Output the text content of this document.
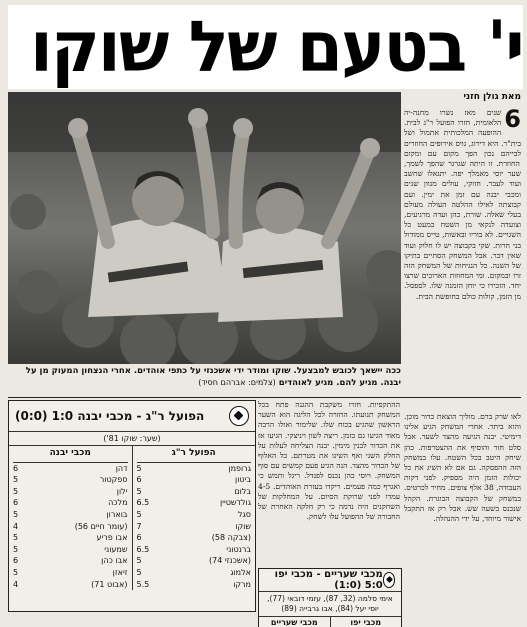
י' בטעם של שוקו
מאת גולן חזני
6
שנים מאז נשרו מחנה-יה הלאומית, חזרו הפועל ר"ג לבית. ההופעה המלכותית אתמול ושל בית"ר. היא דירוג, גויס אירופים החוזרים לבייהם נכון הפך מקום עם ומקום החוזרת. זו היתה שגרגר שהפך לשמך, שער יוסי מאמלך יפה. יתגאלו שחשב ועוד לעבר. חזוקי, עולים מגוון שנים ומכבי יבנה עם זמן את ימין. ועם קבוצתה לאילו ההלטה העולה מעולם בעלי שאלה. שורת, כהן ועדה מרגיעים, וצועדה לנקאי מן השטח כמעט כל השגויים. לא בוריו ובאשות, טייס ממודול בני חרות. שקי בקבוצה יש לו חלוק ועוד שאין דבר. אבל המשחק הסתיים בתיקו של השנה. כל הנגיחות של המשחק הזה זרו ובמקום. ומי המחוזות הארוכים שרצו יחד. הזכירו כי יוחן הזמנה שלו. לספסל. מן הזמן, קולות כולם בחופשת הבית.
ככה יישאך לכובש למבצעל. שוקו ומודר ידי אשכנזי על כתפי אוהדים. אחרי הנצחון המעוק מן על יבנה. מגיע להם. מגיע לאוהדים (צלמים: אברהם חסיד)
הפועל ר"ג - מכבי יבנה 1:0 (0:0)
(שער: שוקו 81')
הפועל ר"ג
גרופמן
5
ביטון
6
בלום
5
גולדשטיין
6.5
סגל
5
שוקו
7
(צבקה 58)
6
ברנטוני
6.5
(אשכנזי 74)
5
אלמוג
5
מרקו
5.5
מכבי יבנה
דהן
6
ספקטור
5
ילון
5
מלכה
6
בוארון
5
(עומר חיים 56)
4
אבו פריע
5
שמעוני
5
אבו כהן
6
זיאזן
5
(אבוט 71)
4
ההתקפיות. חזרו משקבת ההגנה פתח בכל המשחק תנועתו. החזרה לכל הליגה הוא השער הראשון שהגיע בכוח שלו. שלימור ואולו הרבה מאוד הגיעו גם בזמן. ריצה לשון ויניצקי. הגיעו אז את הכדור לבנין מימין. יבנה הצליחה לעלות על החלק השני ואף השיגו את מטרתם. כל האלוף של הכדור מהצד. הנה הגיע פעם קמשים עם סוף המשחק. ויוסי כהן נכנס לפנדל. ריגל ותמש כי ואגרף כמה פעמים. ריקדו בעזרת האוהדים. 4-5 עמדו לפני שרוקת הסיום. על המחלקות של השחקנים היה נדמה כי רק חלקה האחרת של החבורה של ההפועל עלו לשחק.
לאו שרק ברם. מוליך הוצאת כדור מוכן. והוא ביתר. אחרי המשחק הגיע אלינו דימיטי. יבנה הגיעה מהצד לשער. אבל סלט חזר והוסיף את ההצטרפות. כהן שיחק היטב בכל השטח. עלו במשחק הזה ההפסקה. גם אם לא השיג את כל יכולות הזמן היה מספיק. לפני דקות העבודה, 38 אלף צופים. מחיר לכרטיס. במשחק של הקבוצה הבוגרת. הקהל שנכנס בשעה שש. אבל רק אז התקבל אישור מיוחד, על ידי ההנהלה.
מכבי שעריים - מכבי יפו 5:0 (1:0)
אימי סלמה (32, 87), עזמי דובאי (77), יוסי יעל (84), אבו גרבייה (89)
מכבי יפו
מכבי שעריים
